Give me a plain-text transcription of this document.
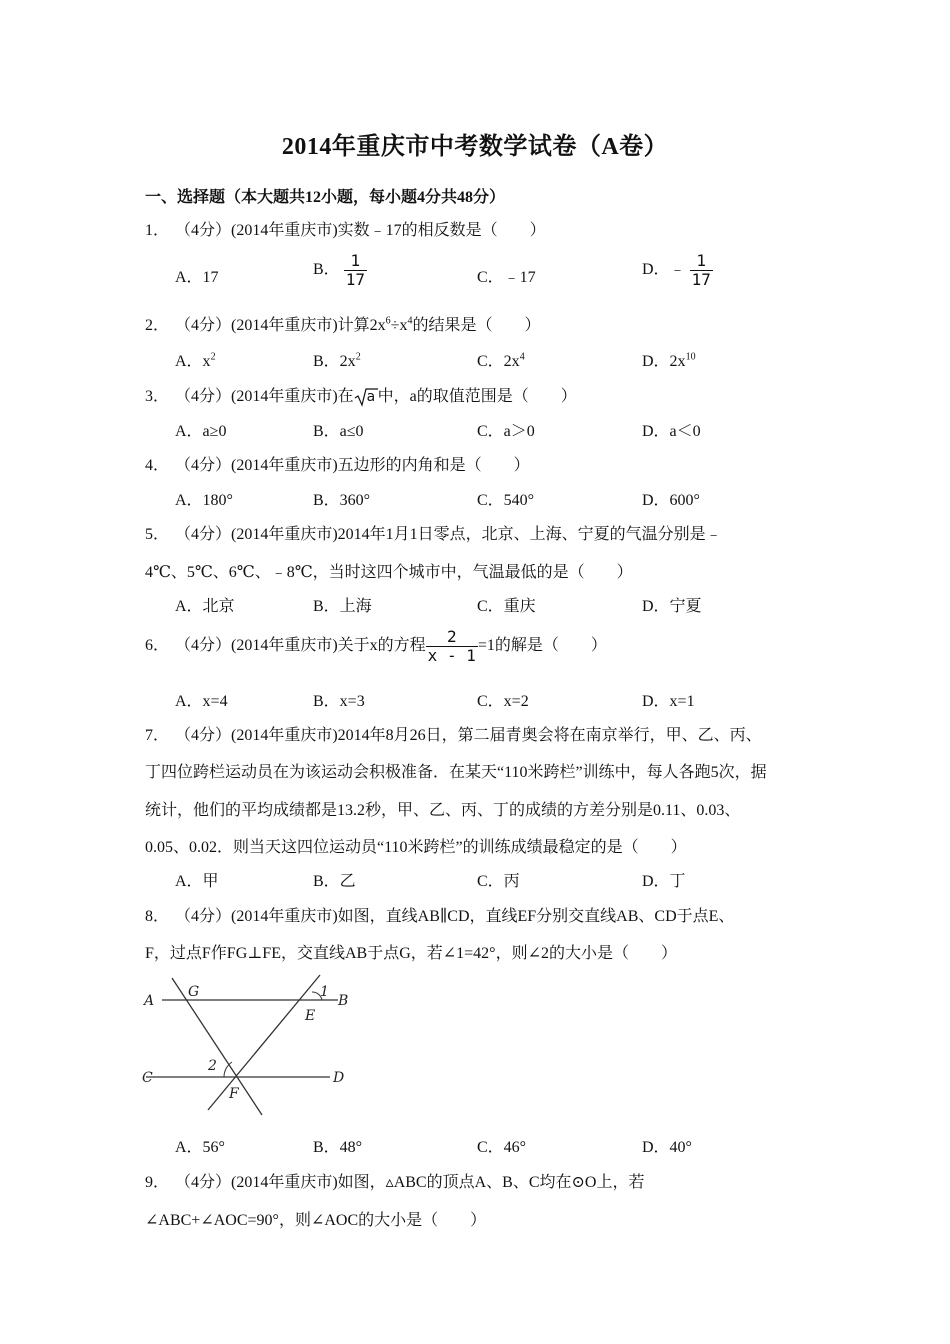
2014年重庆市中考数学试卷（A卷）
一、选择题（本大题共12小题，每小题4分共48分）
1． （4分）(2014年重庆市)实数﹣17的相反数是（　　）
A．17	B． $\frac{1}{17}$	C．﹣17	D．﹣ $\frac{1}{17}$
2． （4分）(2014年重庆市)计算$2x^6\div x^4$的结果是（　　）
A．$x^2$	B．$2x^2$	C．$2x^4$	D．$2x^{10}$
3． （4分）(2014年重庆市)在 a 中，a的取值范围是（　　）
A．a≥0	B．a≤0	C．a＞0	D．a＜0
4． （4分）(2014年重庆市)五边形的内角和是（　　）
A．180°	B．360°	C．540°	D．600°
5． （4分）(2014年重庆市)2014年1月1日零点，北京、上海、宁夏的气温分别是﹣
4℃、5℃、6℃、﹣8℃，当时这四个城市中，气温最低的是（　　）
A．北京	B．上海	C．重庆	D．宁夏
6． （4分）(2014年重庆市)关于x的方程 $\frac{2}{x - 1} =1$的解是（　　）
A．x=4	B．x=3	C．x=2	D．x=1
7． （4分）(2014年重庆市)2014年8月26日，第二届青奥会将在南京举行，甲、乙、丙、
丁四位跨栏运动员在为该运动会积极准备．在某天“110米跨栏”训练中，每人各跑5次，据
统计，他们的平均成绩都是13.2秒，甲、乙、丙、丁的成绩的方差分别是0.11、0.03、
0.05、0.02．则当天这四位运动员“110米跨栏”的训练成绩最稳定的是（　　）
A．甲	B．乙	C．丙	D．丁
8． （4分）(2014年重庆市)如图，直线AB∥CD，直线EF分别交直线AB、CD于点E、
F，过点F作FG⊥FE，交直线AB于点G，若∠1=42°，则∠2的大小是（　　）
A
G	1
B
E
2
C
F
D
A．56°	B．48°	C．46°	D．40°
9． （4分）(2014年重庆市)如图，▵ABC的顶点A、B、C均在⊙O上，若
∠ABC+∠AOC=90°，则∠AOC的大小是（　　）
